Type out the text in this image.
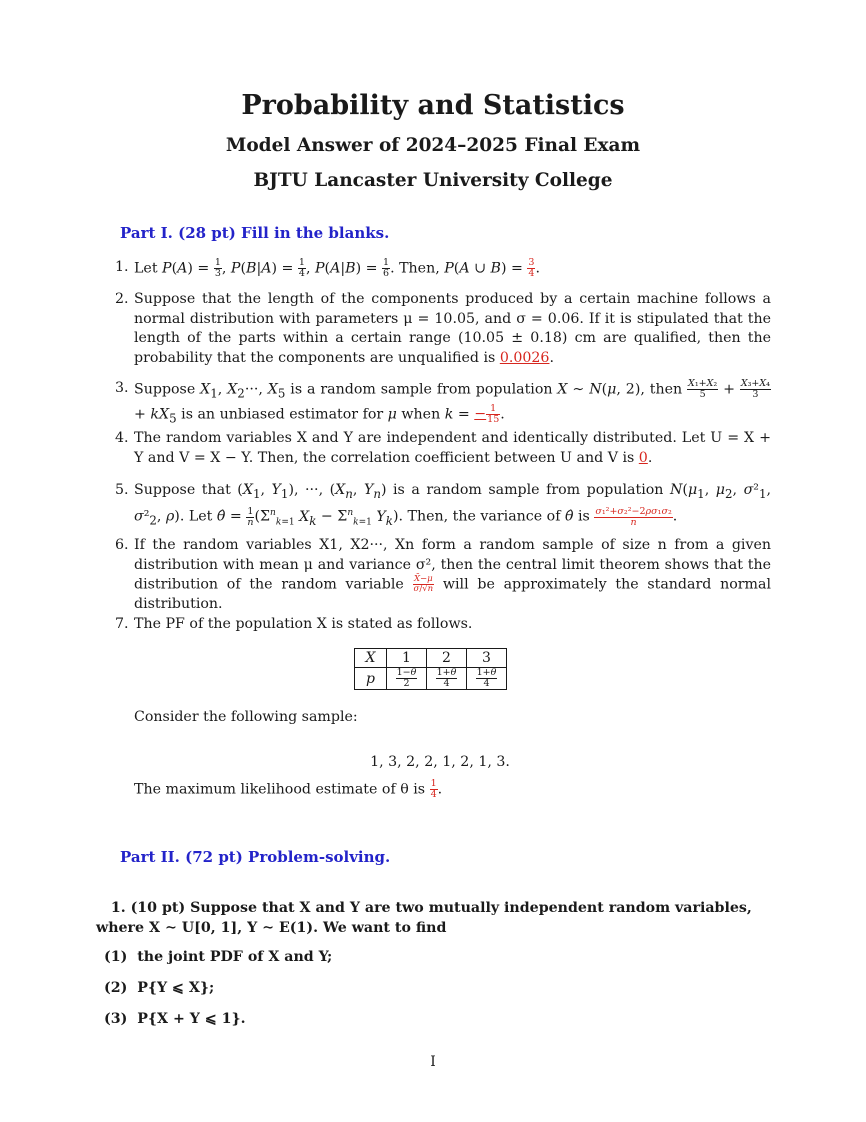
Probability and Statistics
Model Answer of 2024–2025 Final Exam
BJTU Lancaster University College
Part I. (28 pt) Fill in the blanks.
1. Let $P(A) = \frac{1}{3}$ , $P(B|A) = \frac{1}{4}$ , $P(A|B) = \frac{1}{6}$ . Then, P(A ∪ $B) = \frac{3}{4}$ .
2. Suppose that the length of the components produced by a certain machine follows a normal distribution with parameters μ = 10.05, and σ = 0.06. If it is stipulated that the length of the parts within a certain range (10.05 ± 0.18) cm are qualified, then the probability that the components are unqualified is 0.0026.
3. Suppose $X_1$, $X_2\cdot\cdot\cdot$, $X_5$ is a random sample from population X ∼ N(μ, 2), then $\frac{\text{X₁+X₂}}{5} + \frac{\text{X₃+X₄}}{3}$
+ $kX_5$ is an unbiased estimator for μ when k = − $\frac{1}{15}$ .
4. The random variables X and Y are independent and identically distributed. Let U = X + Y and V = X − Y. Then, the correlation coefficient between U and V is 0.
5. Suppose that ($X_1$, $Y_1$), ···, ($X_n$, $Y_n$) is a random sample from population $N(\mu_1$, $\mu_2$, $\sigma^2_1$, $\sigma^2_2$, ρ). Let θ̂ = $\frac{1}{n} (\Sigma^n_{k=1}$ $X_k - \Sigma^n_{k=1}$ $Y_k$). Then, the variance of θ̂ is $\frac{\text{σ₁²+σ₂²−2ρσ₁σ₂}}{n}$ .
6. If the random variables X1, X2···, Xn form a random sample of size n from a given distribution with mean μ and variance σ², then the central limit theorem shows that the distribution of the random variable $\frac{X̄-\mu}{\sigma/√n}$ will be approximately the standard normal distribution.
7. The PF of the population X is stated as follows.
X	1	2	3
p	$\frac{1-\theta}{2}$	$\frac{1+\theta}{4}$	$\frac{1+\theta}{4}$
Consider the following sample:
1, 3, 2, 2, 1, 2, 1, 3.
The maximum likelihood estimate of θ is $\frac{1}{4}$ .
Part II. (72 pt) Problem-solving.
1. (10 pt) Suppose that X and Y are two mutually independent random variables, where X ∼ U[0, 1], Y ∼ E(1). We want to find
(1) the joint PDF of X and Y;
(2) P{Y ⩽ X};
(3) P{X + Y ⩽ 1}.
I
